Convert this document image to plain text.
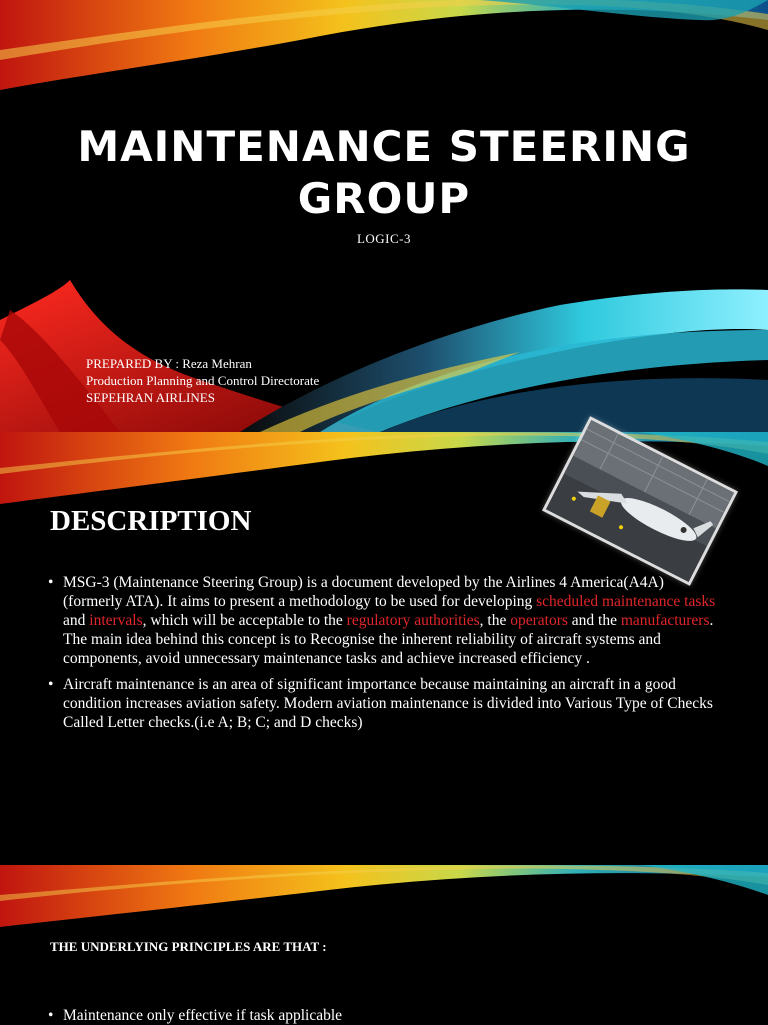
MAINTENANCE STEERING
GROUP
LOGIC-3
PREPARED BY : Reza Mehran
Production Planning and Control Directorate
SEPEHRAN AIRLINES
DESCRIPTION
• MSG-3 (Maintenance Steering Group) is a document developed by the Airlines 4 America(A4A) (formerly ATA). It aims to present a methodology to be used for developing scheduled maintenance tasks and intervals, which will be acceptable to the regulatory authorities, the operators and the manufacturers. The main idea behind this concept is to Recognise the inherent reliability of aircraft systems and components, avoid unnecessary maintenance tasks and achieve increased efficiency .
• Aircraft maintenance is an area of significant importance because maintaining an aircraft in a good condition increases aviation safety. Modern aviation maintenance is divided into Various Type of Checks Called Letter checks.(i.e A; B; C; and D checks)
THE UNDERLYING PRINCIPLES ARE THAT :
• Maintenance only effective if task applicable
